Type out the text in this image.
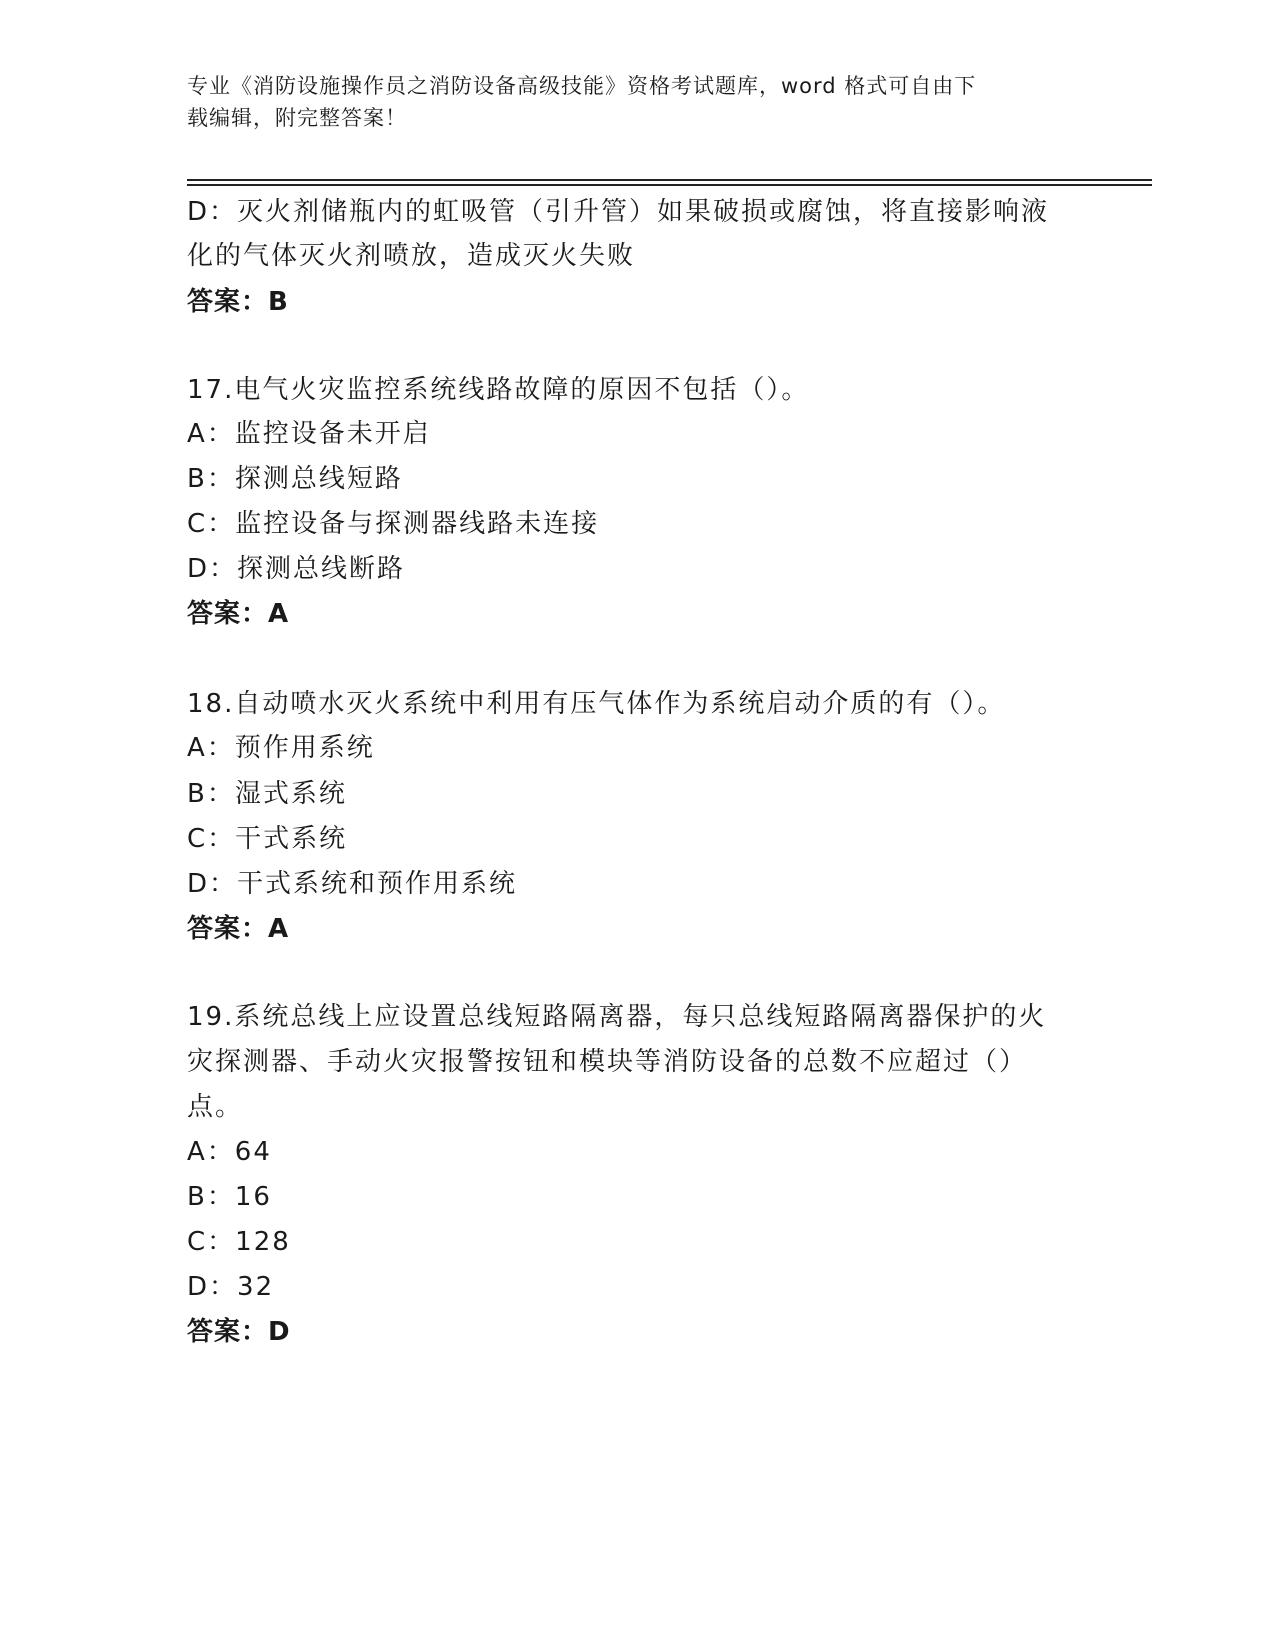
专业《消防设施操作员之消防设备高级技能》资格考试题库，word 格式可自由下
载编辑，附完整答案！
D：灭火剂储瓶内的虹吸管（引升管）如果破损或腐蚀，将直接影响液
化的气体灭火剂喷放，造成灭火失败
答案：B
17.电气火灾监控系统线路故障的原因不包括（）。
A：监控设备未开启
B：探测总线短路
C：监控设备与探测器线路未连接
D：探测总线断路
答案：A
18.自动喷水灭火系统中利用有压气体作为系统启动介质的有（）。
A：预作用系统
B：湿式系统
C：干式系统
D：干式系统和预作用系统
答案：A
19.系统总线上应设置总线短路隔离器，每只总线短路隔离器保护的火
灾探测器、手动火灾报警按钮和模块等消防设备的总数不应超过（）
点。
A：64
B：16
C：128
D：32
答案：D
